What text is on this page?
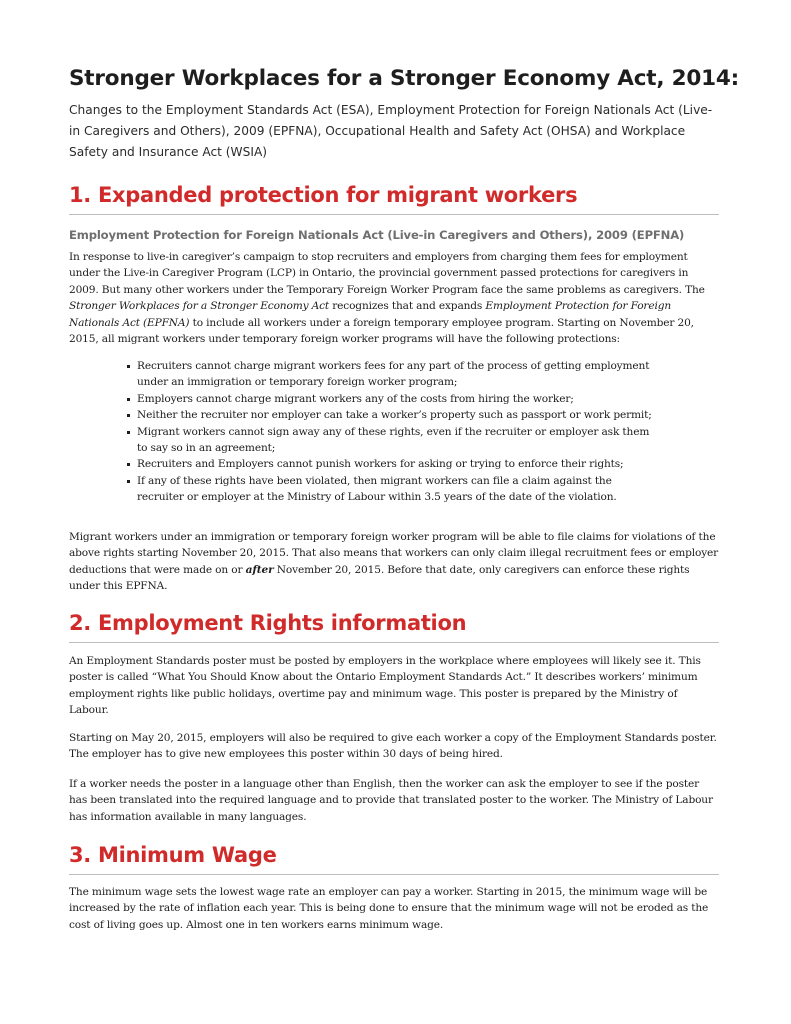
Stronger Workplaces for a Stronger Economy Act, 2014:

Changes to the Employment Standards Act (ESA), Employment Protection for Foreign Nationals Act (Live-in Caregivers and Others), 2009 (EPFNA), Occupational Health and Safety Act (OHSA) and Workplace Safety and Insurance Act (WSIA)

1. Expanded protection for migrant workers
Employment Protection for Foreign Nationals Act (Live-in Caregivers and Others), 2009 (EPFNA)

In response to live-in caregiver’s campaign to stop recruiters and employers from charging them fees for employment under the Live-in Caregiver Program (LCP) in Ontario, the provincial government passed protections for caregivers in 2009. But many other workers under the Temporary Foreign Worker Program face the same problems as caregivers. The Stronger Workplaces for a Stronger Economy Act recognizes that and expands Employment Protection for Foreign Nationals Act (EPFNA) to include all workers under a foreign temporary employee program. Starting on November 20, 2015, all migrant workers under temporary foreign worker programs will have the following protections:

Recruiters cannot charge migrant workers fees for any part of the process of getting employment under an immigration or temporary foreign worker program;
Employers cannot charge migrant workers any of the costs from hiring the worker;
Neither the recruiter nor employer can take a worker’s property such as passport or work permit;
Migrant workers cannot sign away any of these rights, even if the recruiter or employer ask them to say so in an agreement;
Recruiters and Employers cannot punish workers for asking or trying to enforce their rights;
If any of these rights have been violated, then migrant workers can file a claim against the recruiter or employer at the Ministry of Labour within 3.5 years of the date of the violation.

Migrant workers under an immigration or temporary foreign worker program will be able to file claims for violations of the above rights starting November 20, 2015. That also means that workers can only claim illegal recruitment fees or employer deductions that were made on or after November 20, 2015. Before that date, only caregivers can enforce these rights under this EPFNA.

2. Employment Rights information

An Employment Standards poster must be posted by employers in the workplace where employees will likely see it. This poster is called “What You Should Know about the Ontario Employment Standards Act.” It describes workers’ minimum employment rights like public holidays, overtime pay and minimum wage. This poster is prepared by the Ministry of Labour.

Starting on May 20, 2015, employers will also be required to give each worker a copy of the Employment Standards poster. The employer has to give new employees this poster within 30 days of being hired.

If a worker needs the poster in a language other than English, then the worker can ask the employer to see if the poster has been translated into the required language and to provide that translated poster to the worker. The Ministry of Labour has information available in many languages.

3. Minimum Wage

The minimum wage sets the lowest wage rate an employer can pay a worker. Starting in 2015, the minimum wage will be increased by the rate of inflation each year. This is being done to ensure that the minimum wage will not be eroded as the cost of living goes up. Almost one in ten workers earns minimum wage.
